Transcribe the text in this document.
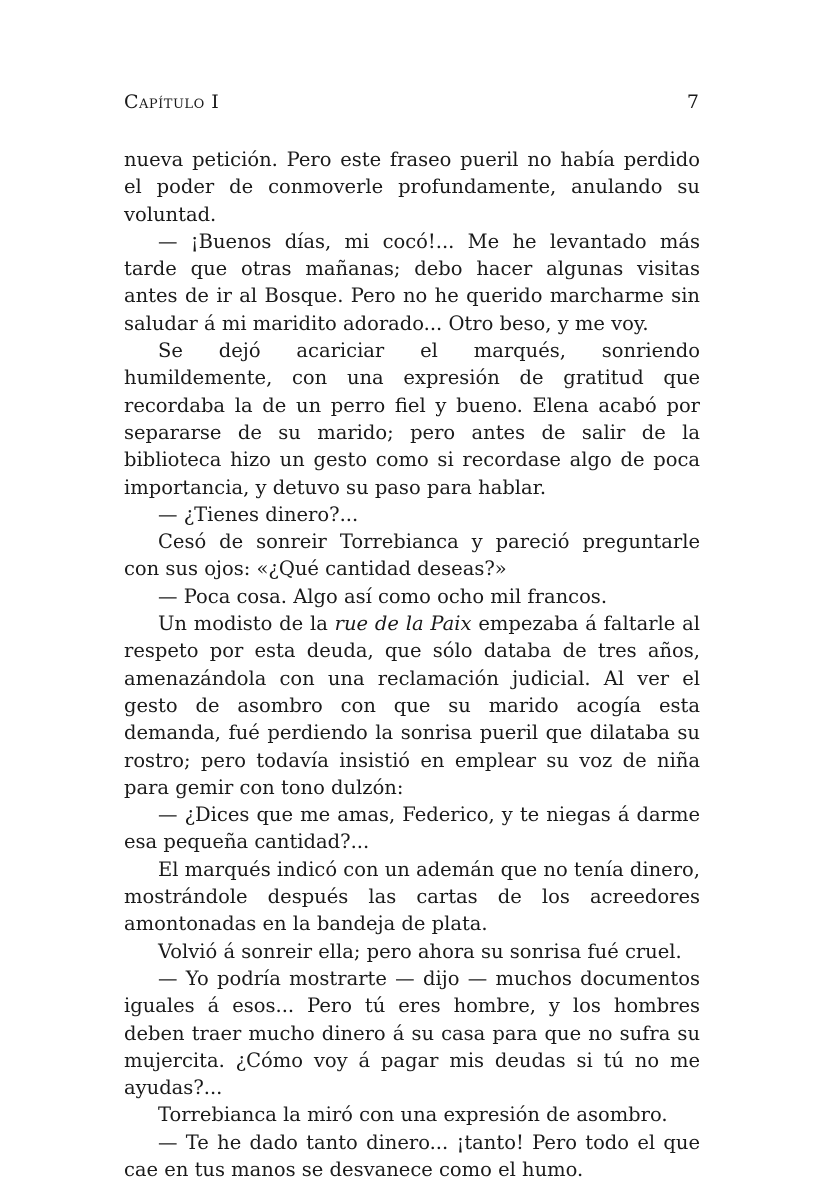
Capítulo I	7

nueva petición. Pero este fraseo pueril no había perdido el poder de conmoverle profundamente, anulando su voluntad.

— ¡Buenos días, mi cocó!... Me he levantado más tarde que otras mañanas; debo hacer algunas visitas antes de ir al Bosque. Pero no he querido marcharme sin saludar á mi maridito adorado... Otro beso, y me voy.

Se dejó acariciar el marqués, sonriendo humildemente, con una expresión de gratitud que recordaba la de un perro fiel y bueno. Elena acabó por separarse de su marido; pero antes de salir de la biblioteca hizo un gesto como si recordase algo de poca importancia, y detuvo su paso para hablar.

— ¿Tienes dinero?...

Cesó de sonreir Torrebianca y pareció preguntarle con sus ojos: «¿Qué cantidad deseas?»

— Poca cosa. Algo así como ocho mil francos.

Un modisto de la rue de la Paix empezaba á faltarle al respeto por esta deuda, que sólo databa de tres años, amenazándola con una reclamación judicial. Al ver el gesto de asombro con que su marido acogía esta demanda, fué perdiendo la sonrisa pueril que dilataba su rostro; pero todavía insistió en emplear su voz de niña para gemir con tono dulzón:

— ¿Dices que me amas, Federico, y te niegas á darme esa pequeña cantidad?...

El marqués indicó con un ademán que no tenía dinero, mostrándole después las cartas de los acreedores amontonadas en la bandeja de plata.

Volvió á sonreir ella; pero ahora su sonrisa fué cruel.

— Yo podría mostrarte — dijo — muchos documentos iguales á esos... Pero tú eres hombre, y los hombres deben traer mucho dinero á su casa para que no sufra su mujercita. ¿Cómo voy á pagar mis deudas si tú no me ayudas?...

Torrebianca la miró con una expresión de asombro.

— Te he dado tanto dinero... ¡tanto! Pero todo el que cae en tus manos se desvanece como el humo.
